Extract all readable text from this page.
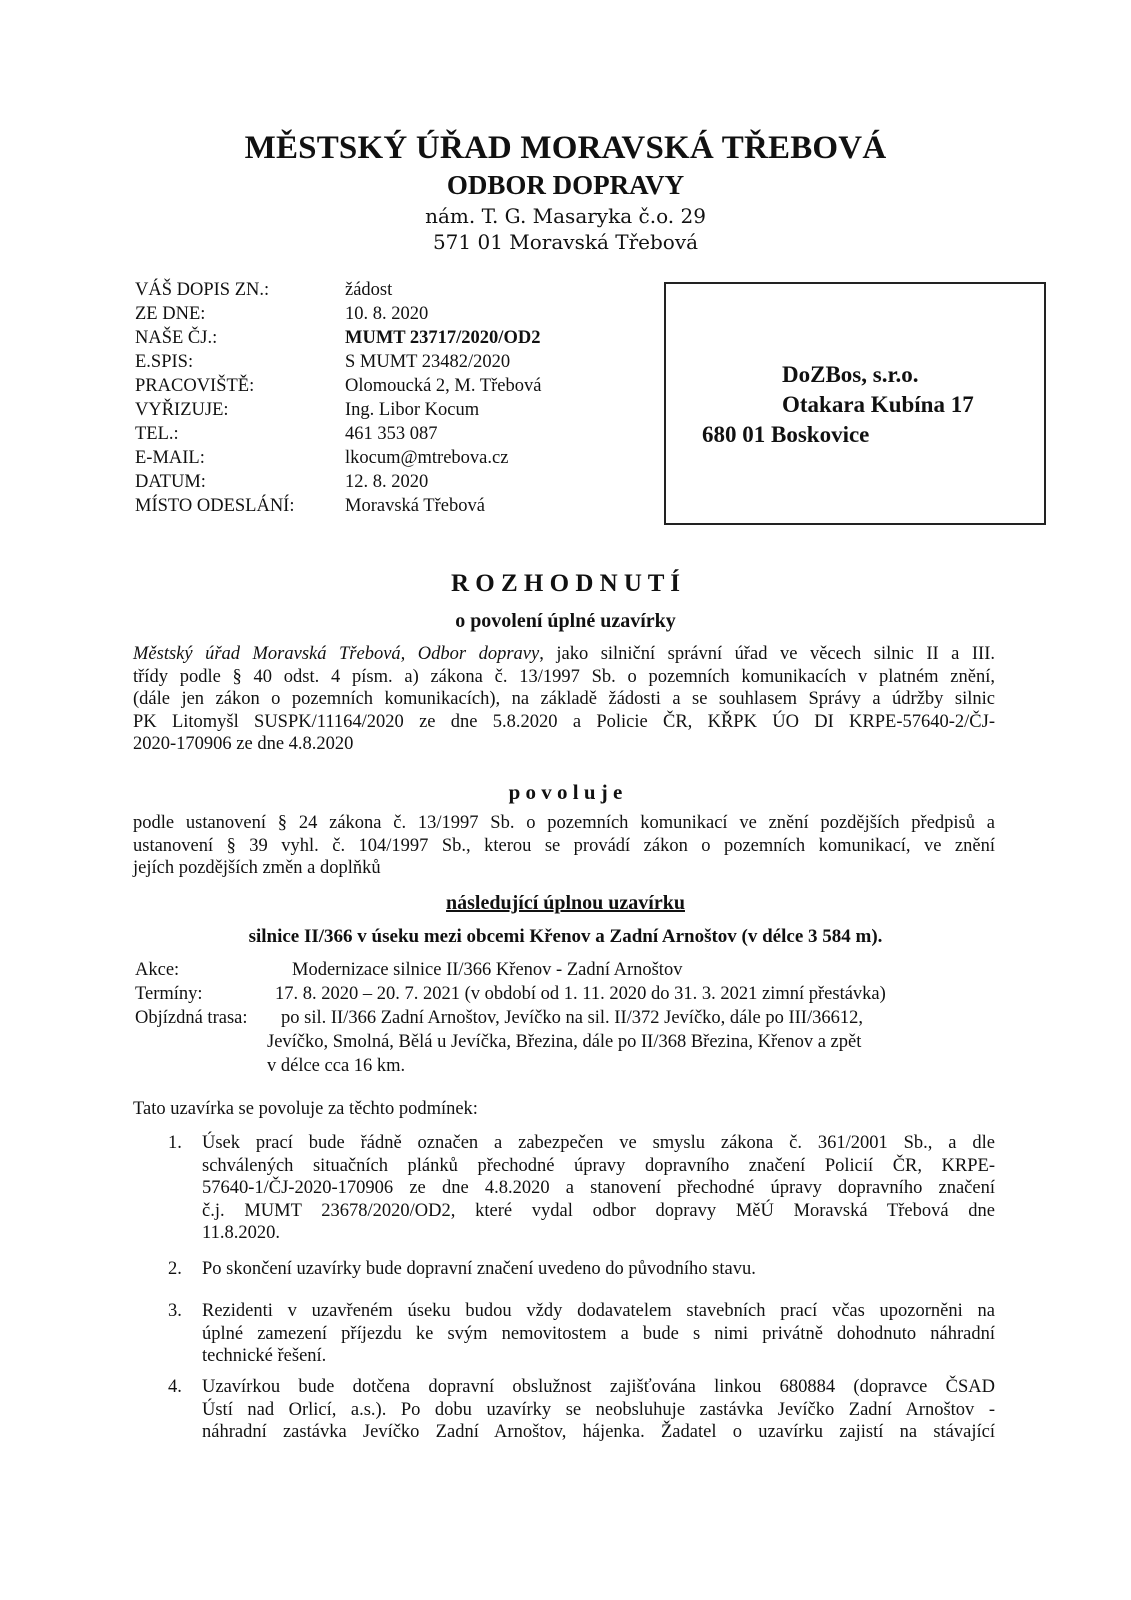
MĚSTSKÝ ÚŘAD MORAVSKÁ TŘEBOVÁ
ODBOR DOPRAVY
nám. T. G. Masaryka č.o. 29
571 01 Moravská Třebová
VÁŠ DOPIS ZN.:	žádost
ZE DNE:	10. 8. 2020
NAŠE ČJ.:	MUMT 23717/2020/OD2
E.SPIS:	S MUMT 23482/2020
PRACOVIŠTĚ:	Olomoucká 2, M. Třebová
VYŘIZUJE:	Ing. Libor Kocum
TEL.:	461 353 087
E-MAIL:	lkocum@mtrebova.cz
DATUM:	12. 8. 2020
MÍSTO ODESLÁNÍ:	Moravská Třebová
DoZBos, s.r.o.
Otakara Kubína 17
680 01 Boskovice
R O Z H O D N U T Í
o povolení úplné uzavírky
Městský úřad Moravská Třebová, Odbor dopravy, jako silniční správní úřad ve věcech silnic II a III.
třídy podle § 40 odst. 4 písm. a) zákona č. 13/1997 Sb. o pozemních komunikacích v platném znění,
(dále jen zákon o pozemních komunikacích), na základě žádosti a se souhlasem Správy a údržby silnic
PK Litomyšl SUSPK/11164/2020 ze dne 5.8.2020 a Policie ČR, KŘPK ÚO DI KRPE-57640-2/ČJ-
2020-170906 ze dne 4.8.2020
p o v o l u j e
podle ustanovení § 24 zákona č. 13/1997 Sb. o pozemních komunikací ve znění pozdějších předpisů a
ustanovení § 39 vyhl. č. 104/1997 Sb., kterou se provádí zákon o pozemních komunikací, ve znění
jejích pozdějších změn a doplňků
následující úplnou uzavírku
silnice II/366 v úseku mezi obcemi Křenov a Zadní Arnoštov (v délce 3 584 m).
Akce:	Modernizace silnice II/366 Křenov - Zadní Arnoštov
Termíny:	17. 8. 2020 – 20. 7. 2021 (v období od 1. 11. 2020 do 31. 3. 2021 zimní přestávka)
Objízdná trasa: po sil. II/366 Zadní Arnoštov, Jevíčko na sil. II/372 Jevíčko, dále po III/36612,
Jevíčko, Smolná, Bělá u Jevíčka, Březina, dále po II/368 Březina, Křenov a zpět
v délce cca 16 km.
Tato uzavírka se povoluje za těchto podmínek:
1.	Úsek prací bude řádně označen a zabezpečen ve smyslu zákona č. 361/2001 Sb., a dle
schválených situačních plánků přechodné úpravy dopravního značení Policií ČR, KRPE-
57640-1/ČJ-2020-170906 ze dne 4.8.2020 a stanovení přechodné úpravy dopravního značení
č.j. MUMT 23678/2020/OD2, které vydal odbor dopravy MěÚ Moravská Třebová dne
11.8.2020.
2.	Po skončení uzavírky bude dopravní značení uvedeno do původního stavu.
3.	Rezidenti v uzavřeném úseku budou vždy dodavatelem stavebních prací včas upozorněni na
úplné zamezení příjezdu ke svým nemovitostem a bude s nimi privátně dohodnuto náhradní
technické řešení.
4.	Uzavírkou bude dotčena dopravní obslužnost zajišťována linkou 680884 (dopravce ČSAD
Ústí nad Orlicí, a.s.). Po dobu uzavírky se neobsluhuje zastávka Jevíčko Zadní Arnoštov -
náhradní zastávka Jevíčko Zadní Arnoštov, hájenka. Žadatel o uzavírku zajistí na stávající
